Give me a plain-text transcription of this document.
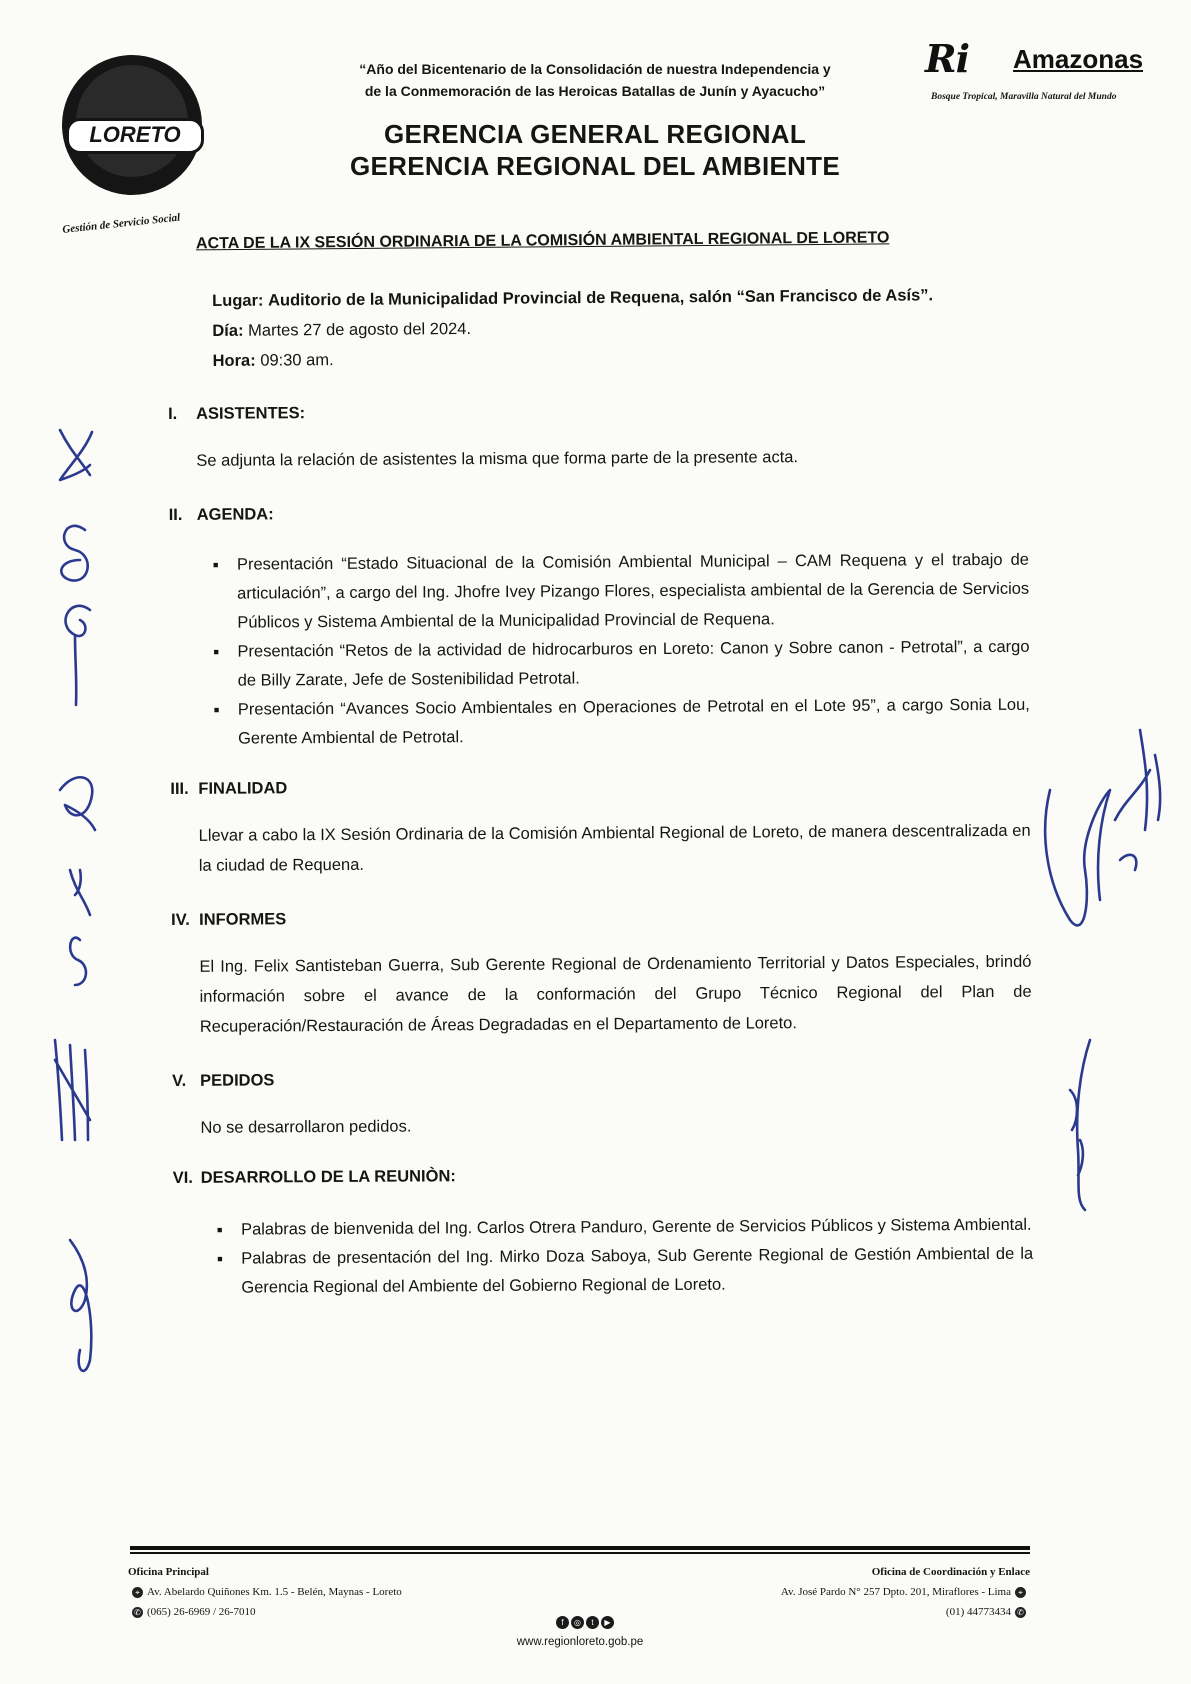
LORETO
Gestión de Servicio Social
“Año del Bicentenario de la Consolidación de nuestra Independencia y
de la Conmemoración de las Heroicas Batallas de Junín y Ayacucho”
Ri Amazonas
Bosque Tropical, Maravilla Natural del Mundo
GERENCIA GENERAL REGIONAL
GERENCIA REGIONAL DEL AMBIENTE
ACTA DE LA IX SESIÓN ORDINARIA DE LA COMISIÓN AMBIENTAL REGIONAL DE LORETO
Lugar: Auditorio de la Municipalidad Provincial de Requena, salón “San Francisco de Asís”.
Día: Martes 27 de agosto del 2024.
Hora: 09:30 am.

I. ASISTENTES:

Se adjunta la relación de asistentes la misma que forma parte de la presente acta.

II. AGENDA:

■ Presentación “Estado Situacional de la Comisión Ambiental Municipal – CAM Requena y el trabajo de articulación”, a cargo del Ing. Jhofre Ivey Pizango Flores, especialista ambiental de la Gerencia de Servicios Públicos y Sistema Ambiental de la Municipalidad Provincial de Requena.
■ Presentación “Retos de la actividad de hidrocarburos en Loreto: Canon y Sobre canon - Petrotal”, a cargo de Billy Zarate, Jefe de Sostenibilidad Petrotal.
■ Presentación “Avances Socio Ambientales en Operaciones de Petrotal en el Lote 95”, a cargo Sonia Lou, Gerente Ambiental de Petrotal.

III. FINALIDAD

Llevar a cabo la IX Sesión Ordinaria de la Comisión Ambiental Regional de Loreto, de manera descentralizada en la ciudad de Requena.

IV. INFORMES

El Ing. Felix Santisteban Guerra, Sub Gerente Regional de Ordenamiento Territorial y Datos Especiales, brindó información sobre el avance de la conformación del Grupo Técnico Regional del Plan de Recuperación/Restauración de Áreas Degradadas en el Departamento de Loreto.

V. PEDIDOS

No se desarrollaron pedidos.

VI. DESARROLLO DE LA REUNIÒN:

■ Palabras de bienvenida del Ing. Carlos Otrera Panduro, Gerente de Servicios Públicos y Sistema Ambiental.
■ Palabras de presentación del Ing. Mirko Doza Saboya, Sub Gerente Regional de Gestión Ambiental de la Gerencia Regional del Ambiente del Gobierno Regional de Loreto.
Oficina Principal
⌖ Av. Abelardo Quiñones Km. 1.5 - Belén, Maynas - Loreto
✆ (065) 26-6969 / 26-7010
Oficina de Coordinación y Enlace
Av. José Pardo N° 257 Dpto. 201, Miraflores - Lima ⌖
(01) 44773434 ✆
f ◎ t ▶
www.regionloreto.gob.pe
